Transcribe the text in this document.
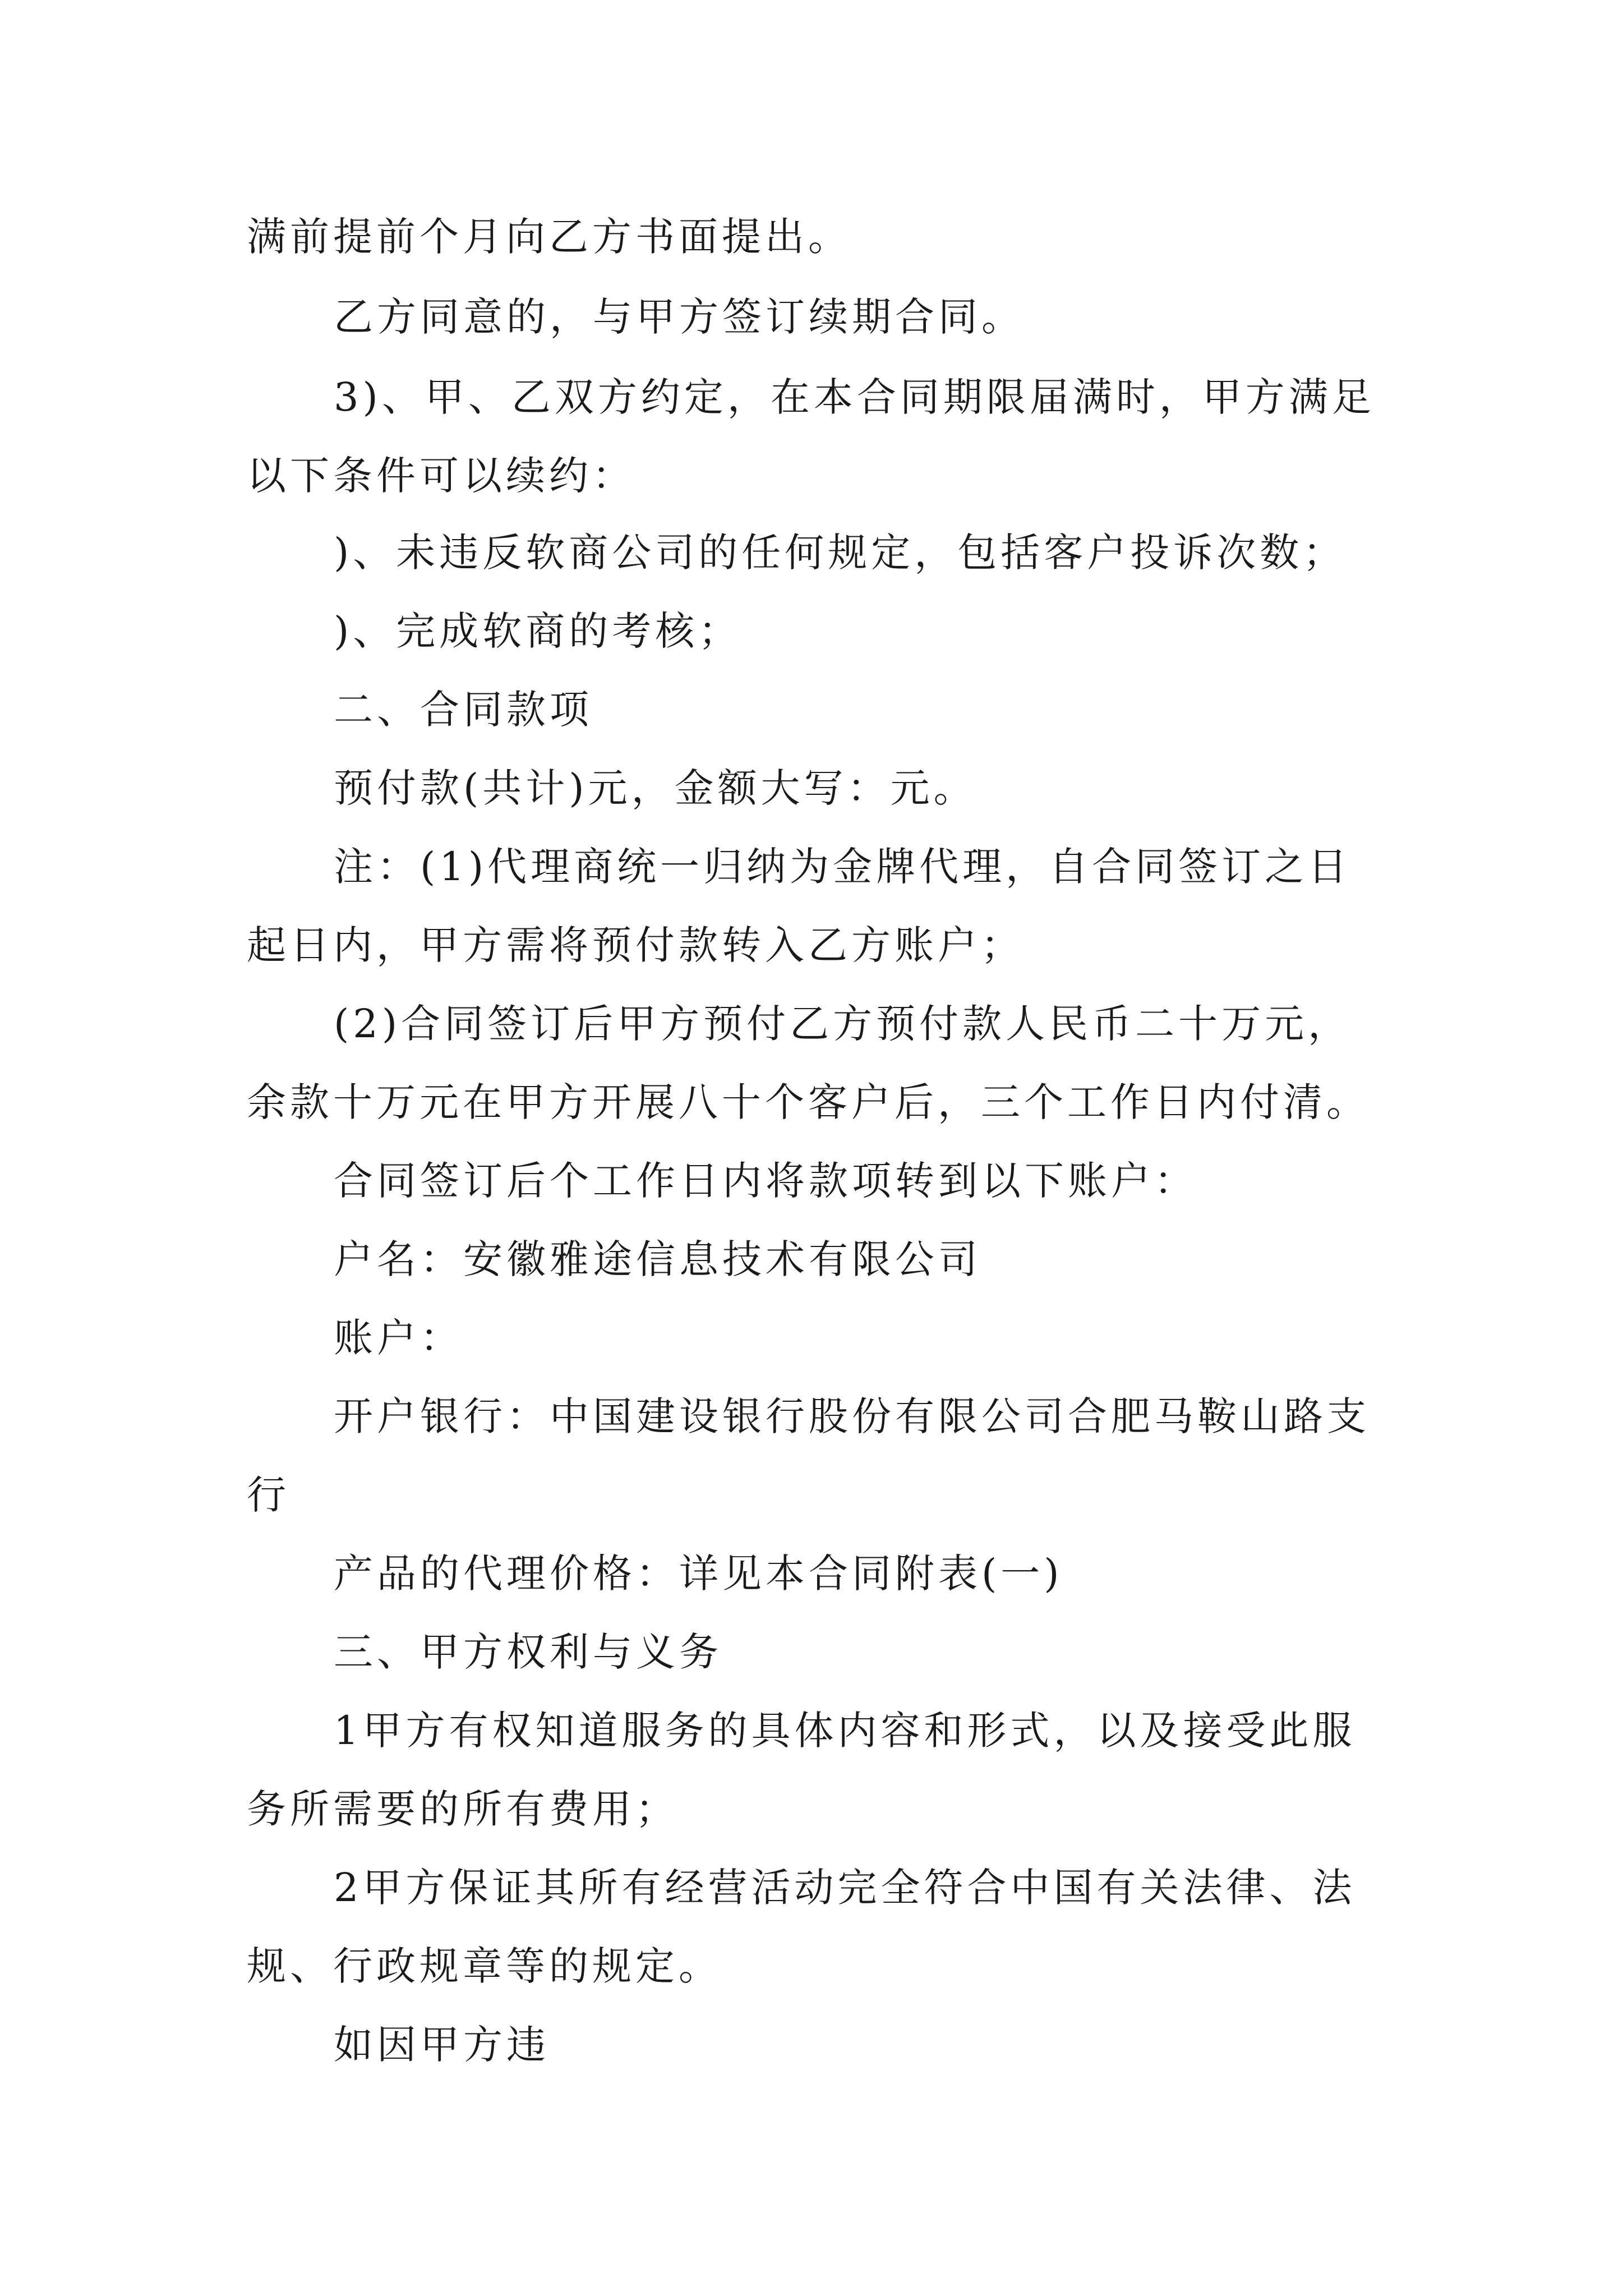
满前提前个月向乙方书面提出。

乙方同意的，与甲方签订续期合同。

3)、甲、乙双方约定，在本合同期限届满时，甲方满足

以下条件可以续约：

)、未违反软商公司的任何规定，包括客户投诉次数；

)、完成软商的考核；

二、合同款项

预付款(共计)元，金额大写：元。

注：(1)代理商统一归纳为金牌代理，自合同签订之日

起日内，甲方需将预付款转入乙方账户；

(2)合同签订后甲方预付乙方预付款人民币二十万元，

余款十万元在甲方开展八十个客户后，三个工作日内付清。

合同签订后个工作日内将款项转到以下账户：

户名：安徽雅途信息技术有限公司

账户：

开户银行：中国建设银行股份有限公司合肥马鞍山路支

行

产品的代理价格：详见本合同附表(一)

三、甲方权利与义务

1甲方有权知道服务的具体内容和形式，以及接受此服

务所需要的所有费用；

2甲方保证其所有经营活动完全符合中国有关法律、法

规、行政规章等的规定。

如因甲方违
